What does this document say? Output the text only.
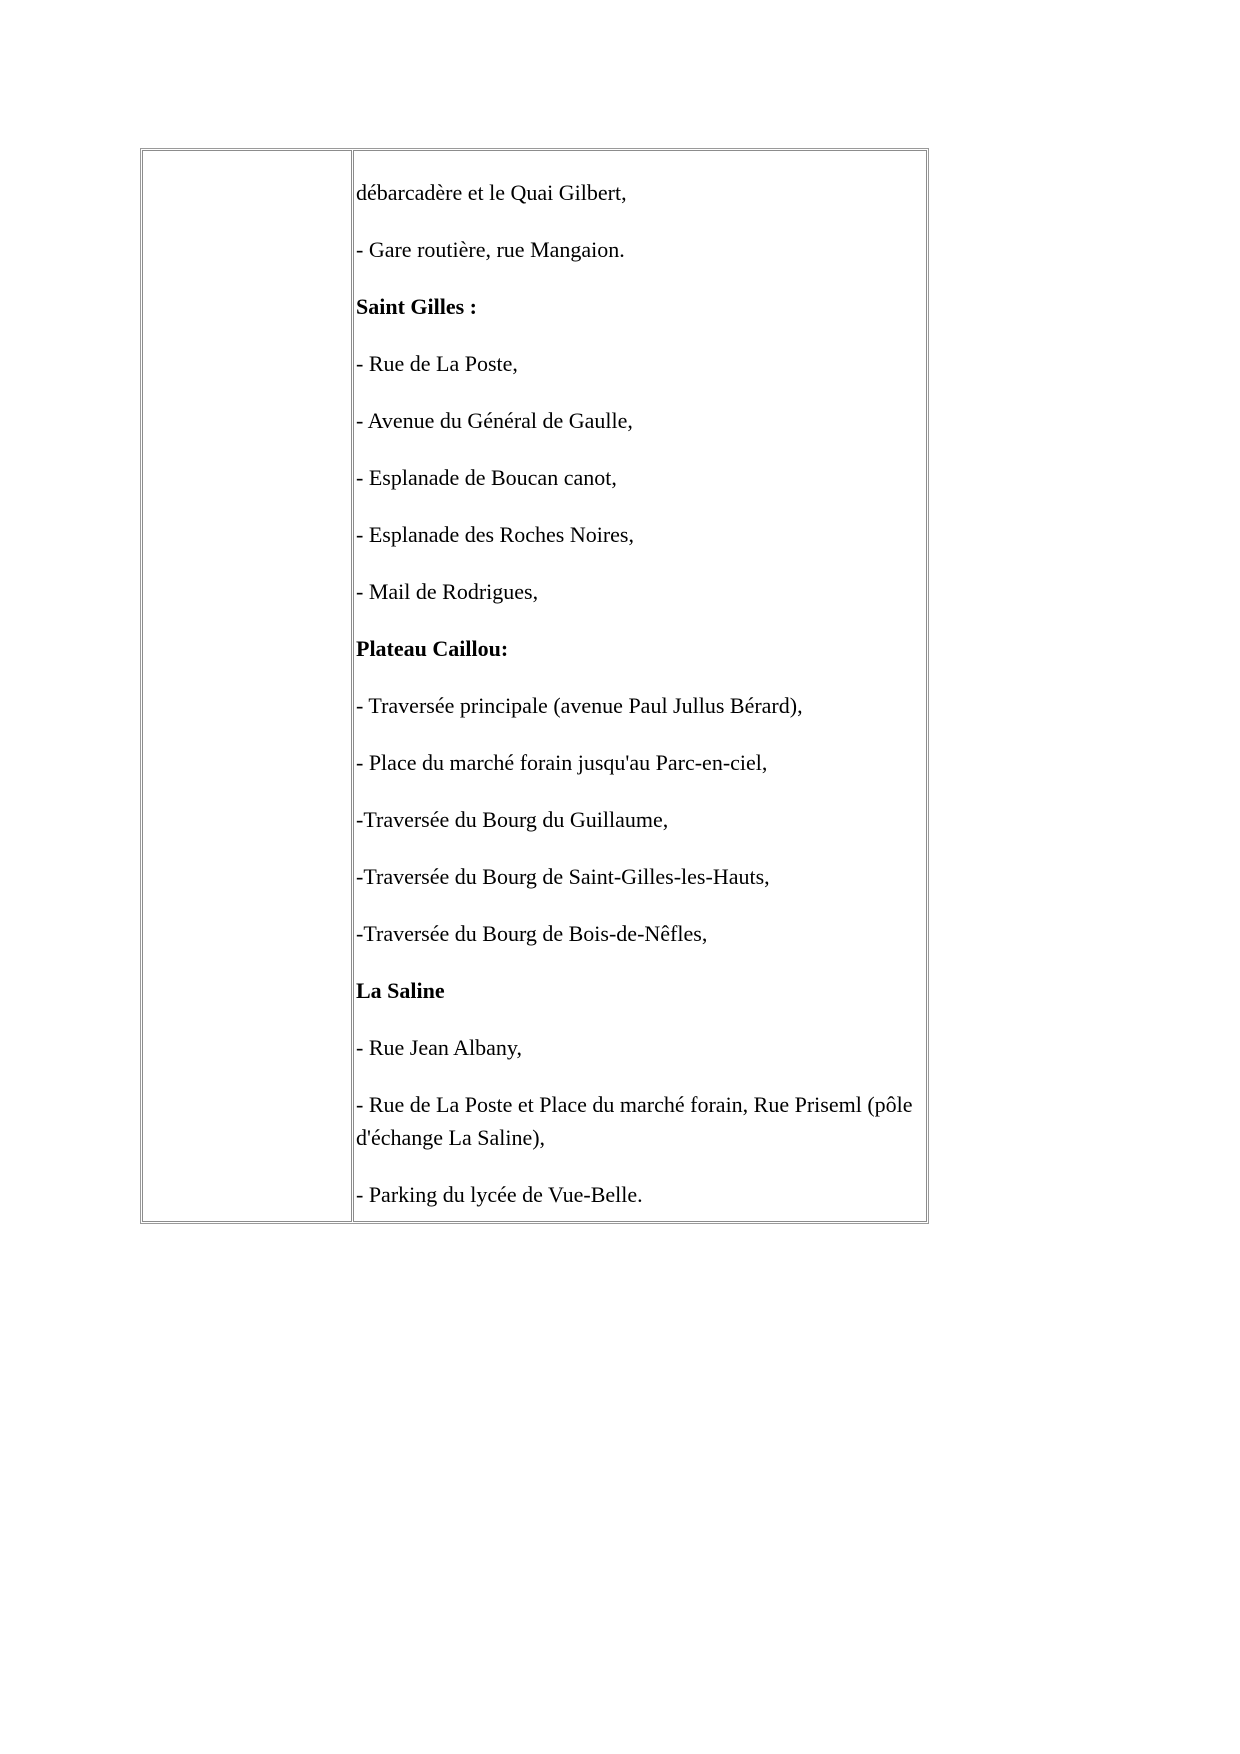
débarcadère et le Quai Gilbert,

- Gare routière, rue Mangaion.

Saint Gilles :

- Rue de La Poste,

- Avenue du Général de Gaulle,

- Esplanade de Boucan canot,

- Esplanade des Roches Noires,

- Mail de Rodrigues,

Plateau Caillou:

- Traversée principale (avenue Paul Jullus Bérard),

- Place du marché forain jusqu'au Parc-en-ciel,

-Traversée du Bourg du Guillaume,

-Traversée du Bourg de Saint-Gilles-les-Hauts,

-Traversée du Bourg de Bois-de-Nêfles,

La Saline

- Rue Jean Albany,

- Rue de La Poste et Place du marché forain, Rue Priseml (pôle d'échange La Saline),

- Parking du lycée de Vue-Belle.
